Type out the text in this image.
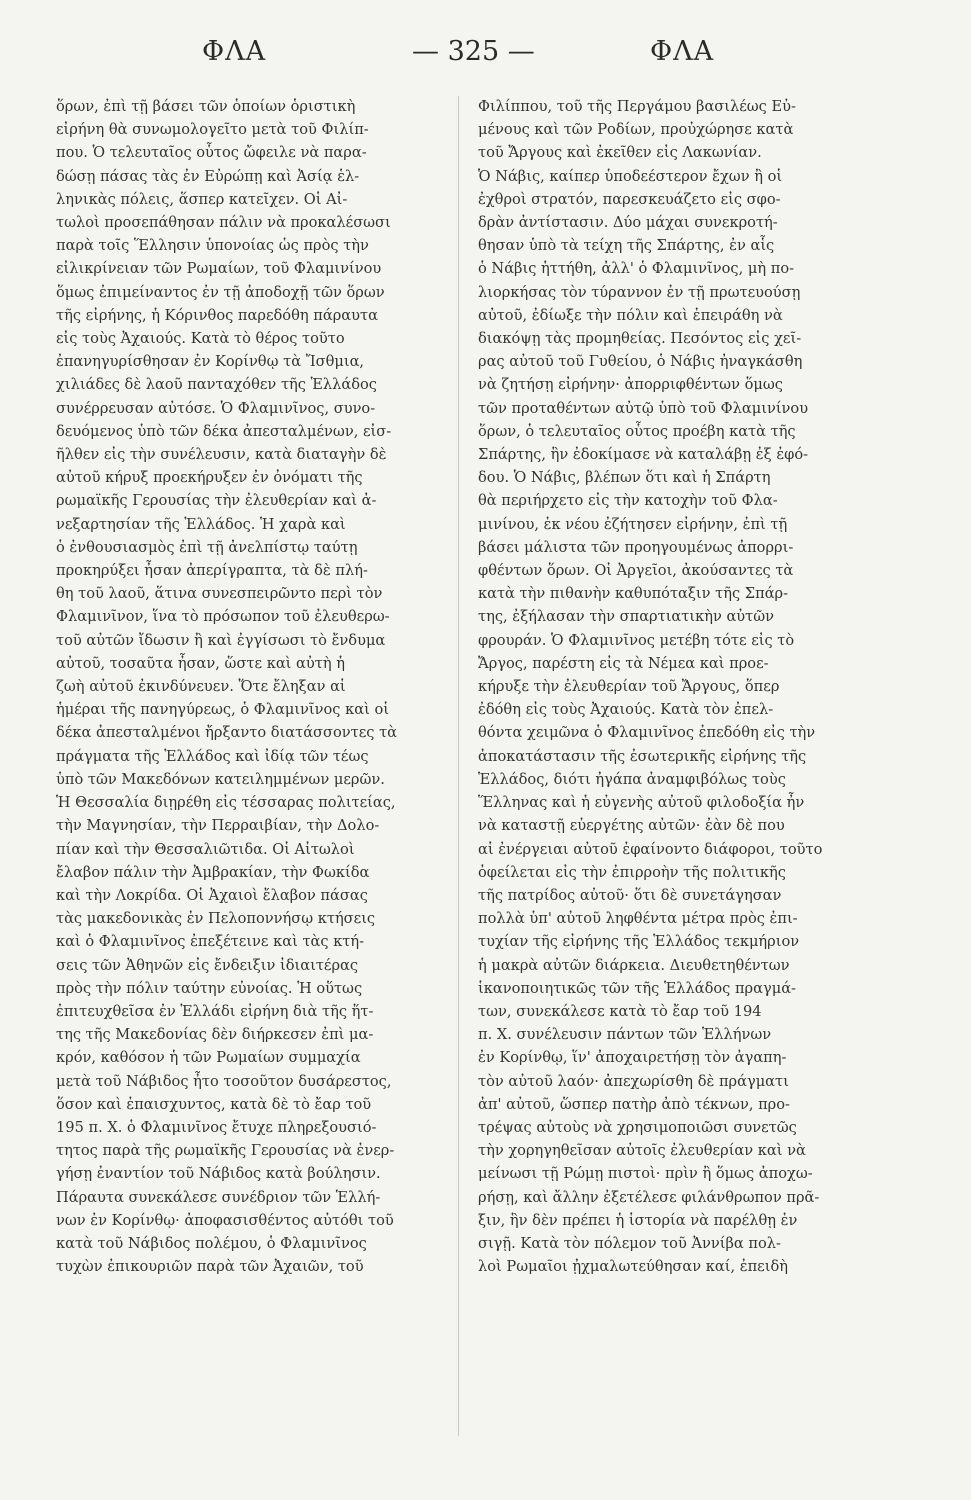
ΦΛΑ	— 325 —	ΦΛΑ
ὅρων, ἐπὶ τῇ βάσει τῶν ὁποίων ὁριστικὴ
εἰρήνη θὰ συνωμολογεῖτο μετὰ τοῦ Φιλίπ-
που. Ὁ τελευταῖος οὗτος ὤφειλε νὰ παρα-
δώσῃ πάσας τὰς ἐν Εὐρώπῃ καὶ Ἀσίᾳ ἑλ-
ληνικὰς πόλεις, ἅσπερ κατεῖχεν. Οἱ Αἰ-
τωλοὶ προσεπάθησαν πάλιν νὰ προκαλέσωσι
παρὰ τοῖς Ἕλλησιν ὑπονοίας ὡς πρὸς τὴν
εἰλικρίνειαν τῶν Ρωμαίων, τοῦ Φλαμινίνου
ὅμως ἐπιμείναντος ἐν τῇ ἀποδοχῇ τῶν ὅρων
τῆς εἰρήνης, ἡ Κόρινθος παρεδόθη πάραυτα
εἰς τοὺς Ἀχαιούς. Κατὰ τὸ θέρος τοῦτο
ἐπανηγυρίσθησαν ἐν Κορίνθῳ τὰ Ἴσθμια,
χιλιάδες δὲ λαοῦ πανταχόθεν τῆς Ἑλλάδος
συνέρρευσαν αὐτόσε. Ὁ Φλαμινῖνος, συνο-
δευόμενος ὑπὸ τῶν δέκα ἀπεσταλμένων, εἰσ-
ῆλθεν εἰς τὴν συνέλευσιν, κατὰ διαταγὴν δὲ
αὐτοῦ κήρυξ προεκήρυξεν ἐν ὀνόματι τῆς
ρωμαϊκῆς Γερουσίας τὴν ἐλευθερίαν καὶ ἀ-
νεξαρτησίαν τῆς Ἑλλάδος. Ἡ χαρὰ καὶ
ὁ ἐνθουσιασμὸς ἐπὶ τῇ ἀνελπίστῳ ταύτῃ
προκηρύξει ἦσαν ἀπερίγραπτα, τὰ δὲ πλή-
θη τοῦ λαοῦ, ἅτινα συνεσπειρῶντο περὶ τὸν
Φλαμινῖνον, ἵνα τὸ πρόσωπον τοῦ ἐλευθερω-
τοῦ αὐτῶν ἴδωσιν ἢ καὶ ἐγγίσωσι τὸ ἔνδυμα
αὐτοῦ, τοσαῦτα ἦσαν, ὥστε καὶ αὐτὴ ἡ
ζωὴ αὐτοῦ ἐκινδύνευεν. Ὅτε ἔληξαν αἱ
ἡμέραι τῆς πανηγύρεως, ὁ Φλαμινῖνος καὶ οἱ
δέκα ἀπεσταλμένοι ἤρξαντο διατάσσοντες τὰ
πράγματα τῆς Ἑλλάδος καὶ ἰδίᾳ τῶν τέως
ὑπὸ τῶν Μακεδόνων κατειλημμένων μερῶν.
Ἡ Θεσσαλία διῃρέθη εἰς τέσσαρας πολιτείας,
τὴν Μαγνησίαν, τὴν Περραιβίαν, τὴν Δολο-
πίαν καὶ τὴν Θεσσαλιῶτιδα. Οἱ Αἰτωλοὶ
ἔλαβον πάλιν τὴν Ἀμβρακίαν, τὴν Φωκίδα
καὶ τὴν Λοκρίδα. Οἱ Ἀχαιοὶ ἔλαβον πάσας
τὰς μακεδονικὰς ἐν Πελοποννήσῳ κτήσεις
καὶ ὁ Φλαμινῖνος ἐπεξέτεινε καὶ τὰς κτή-
σεις τῶν Ἀθηνῶν εἰς ἔνδειξιν ἰδιαιτέρας
πρὸς τὴν πόλιν ταύτην εὐνοίας. Ἡ οὕτως
ἐπιτευχθεῖσα ἐν Ἑλλάδι εἰρήνη διὰ τῆς ἥτ-
της τῆς Μακεδονίας δὲν διήρκεσεν ἐπὶ μα-
κρόν, καθόσον ἡ τῶν Ρωμαίων συμμαχία
μετὰ τοῦ Νάβιδος ἦτο τοσοῦτον δυσάρεστος,
ὅσον καὶ ἐπαισχυντος, κατὰ δὲ τὸ ἔαρ τοῦ
195 π. Χ. ὁ Φλαμινῖνος ἔτυχε πληρεξουσιό-
τητος παρὰ τῆς ρωμαϊκῆς Γερουσίας νὰ ἐνερ-
γήσῃ ἐναντίον τοῦ Νάβιδος κατὰ βούλησιν.
Πάραυτα συνεκάλεσε συνέδριον τῶν Ἑλλή-
νων ἐν Κορίνθῳ· ἀποφασισθέντος αὐτόθι τοῦ
κατὰ τοῦ Νάβιδος πολέμου, ὁ Φλαμινῖνος
τυχὼν ἐπικουριῶν παρὰ τῶν Ἀχαιῶν, τοῦ
Φιλίππου, τοῦ τῆς Περγάμου βασιλέως Εὐ-
μένους καὶ τῶν Ροδίων, προὐχώρησε κατὰ
τοῦ Ἄργους καὶ ἐκεῖθεν εἰς Λακωνίαν.
Ὁ Νάβις, καίπερ ὑποδεέστερον ἔχων ἢ οἱ
ἐχθροὶ στρατόν, παρεσκευάζετο εἰς σφο-
δρὰν ἀντίστασιν. Δύο μάχαι συνεκροτή-
θησαν ὑπὸ τὰ τείχη τῆς Σπάρτης, ἐν αἷς
ὁ Νάβις ἡττήθη, ἀλλ' ὁ Φλαμινῖνος, μὴ πο-
λιορκήσας τὸν τύραννον ἐν τῇ πρωτευούσῃ
αὐτοῦ, ἐδίωξε τὴν πόλιν καὶ ἐπειράθη νὰ
διακόψῃ τὰς προμηθείας. Πεσόντος εἰς χεῖ-
ρας αὐτοῦ τοῦ Γυθείου, ὁ Νάβις ἠναγκάσθη
νὰ ζητήσῃ εἰρήνην· ἀπορριφθέντων ὅμως
τῶν προταθέντων αὐτῷ ὑπὸ τοῦ Φλαμινίνου
ὅρων, ὁ τελευταῖος οὗτος προέβη κατὰ τῆς
Σπάρτης, ἣν ἐδοκίμασε νὰ καταλάβῃ ἐξ ἐφό-
δου. Ὁ Νάβις, βλέπων ὅτι καὶ ἡ Σπάρτη
θὰ περιήρχετο εἰς τὴν κατοχὴν τοῦ Φλα-
μινίνου, ἐκ νέου ἐζήτησεν εἰρήνην, ἐπὶ τῇ
βάσει μάλιστα τῶν προηγουμένως ἀπορρι-
φθέντων ὅρων. Οἱ Ἀργεῖοι, ἀκούσαντες τὰ
κατὰ τὴν πιθανὴν καθυπόταξιν τῆς Σπάρ-
της, ἐξήλασαν τὴν σπαρτιατικὴν αὐτῶν
φρουράν. Ὁ Φλαμινῖνος μετέβη τότε εἰς τὸ
Ἄργος, παρέστη εἰς τὰ Νέμεα καὶ προε-
κήρυξε τὴν ἐλευθερίαν τοῦ Ἄργους, ὅπερ
ἐδόθη εἰς τοὺς Ἀχαιούς. Κατὰ τὸν ἐπελ-
θόντα χειμῶνα ὁ Φλαμινῖνος ἐπεδόθη εἰς τὴν
ἀποκατάστασιν τῆς ἐσωτερικῆς εἰρήνης τῆς
Ἑλλάδος, διότι ἠγάπα ἀναμφιβόλως τοὺς
Ἕλληνας καὶ ἡ εὐγενὴς αὐτοῦ φιλοδοξία ἦν
νὰ καταστῇ εὐεργέτης αὐτῶν· ἐὰν δὲ που
αἱ ἐνέργειαι αὐτοῦ ἐφαίνοντο διάφοροι, τοῦτο
ὀφείλεται εἰς τὴν ἐπιρροὴν τῆς πολιτικῆς
τῆς πατρίδος αὐτοῦ· ὅτι δὲ συνετάγησαν
πολλὰ ὑπ' αὐτοῦ ληφθέντα μέτρα πρὸς ἐπι-
τυχίαν τῆς εἰρήνης τῆς Ἑλλάδος τεκμήριον
ἡ μακρὰ αὐτῶν διάρκεια. Διευθετηθέντων
ἱκανοποιητικῶς τῶν τῆς Ἑλλάδος πραγμά-
των, συνεκάλεσε κατὰ τὸ ἔαρ τοῦ 194
π. Χ. συνέλευσιν πάντων τῶν Ἑλλήνων
ἐν Κορίνθῳ, ἵν' ἀποχαιρετήσῃ τὸν ἀγαπη-
τὸν αὐτοῦ λαόν· ἀπεχωρίσθη δὲ πράγματι
ἀπ' αὐτοῦ, ὥσπερ πατὴρ ἀπὸ τέκνων, προ-
τρέψας αὐτοὺς νὰ χρησιμοποιῶσι συνετῶς
τὴν χορηγηθεῖσαν αὐτοῖς ἐλευθερίαν καὶ νὰ
μείνωσι τῇ Ρώμῃ πιστοὶ· πρὶν ἢ ὅμως ἀποχω-
ρήσῃ, καὶ ἄλλην ἐξετέλεσε φιλάνθρωπον πρᾶ-
ξιν, ἣν δὲν πρέπει ἡ ἱστορία νὰ παρέλθῃ ἐν
σιγῇ. Κατὰ τὸν πόλεμον τοῦ Ἀννίβα πολ-
λοὶ Ρωμαῖοι ᾐχμαλωτεύθησαν καί, ἐπειδὴ
